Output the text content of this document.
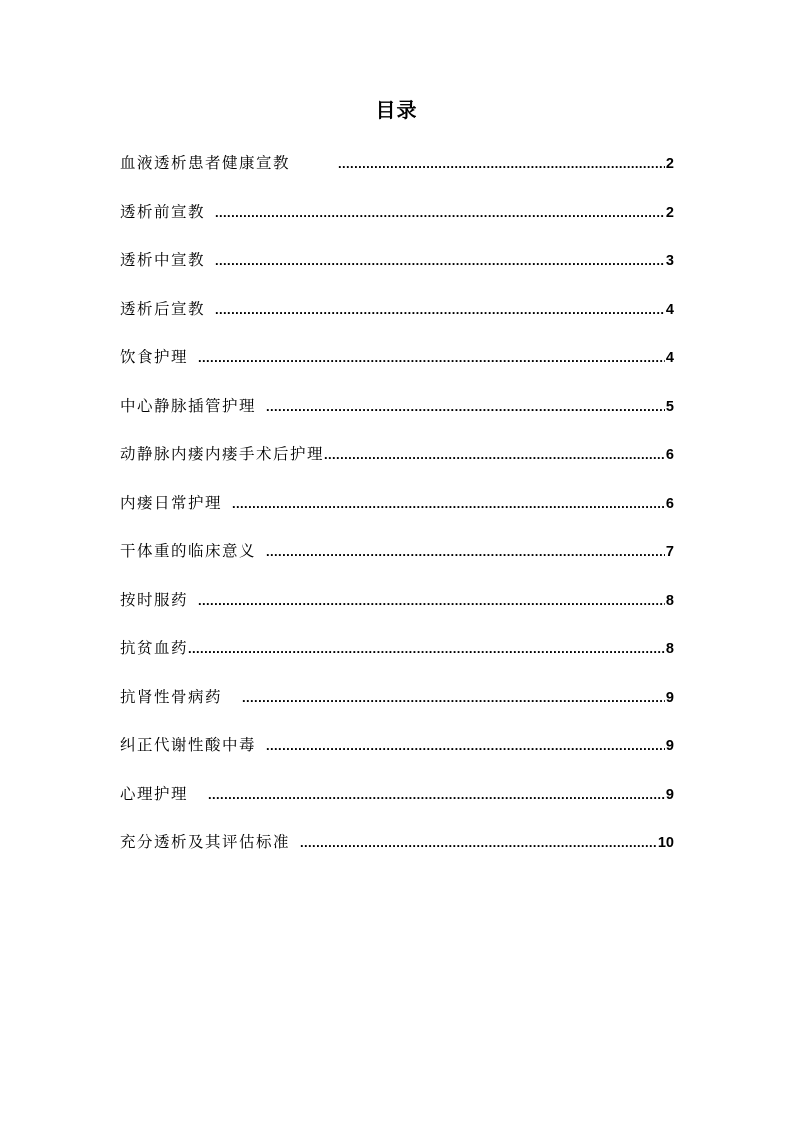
目录
血液透析患者健康宣教 .....	2
透析前宣教 .....	2
透析中宣教 .....	3
透析后宣教 .....	4
饮食护理 .....	4
中心静脉插管护理 .....	5
动静脉内瘘内瘘手术后护理 .....	6
内瘘日常护理 .....	6
干体重的临床意义 .....	7
按时服药 .....	8
抗贫血药 .....	8
抗肾性骨病药 .....	9
纠正代谢性酸中毒 .....	9
心理护理 .....	9
充分透析及其评估标准 .....	10
